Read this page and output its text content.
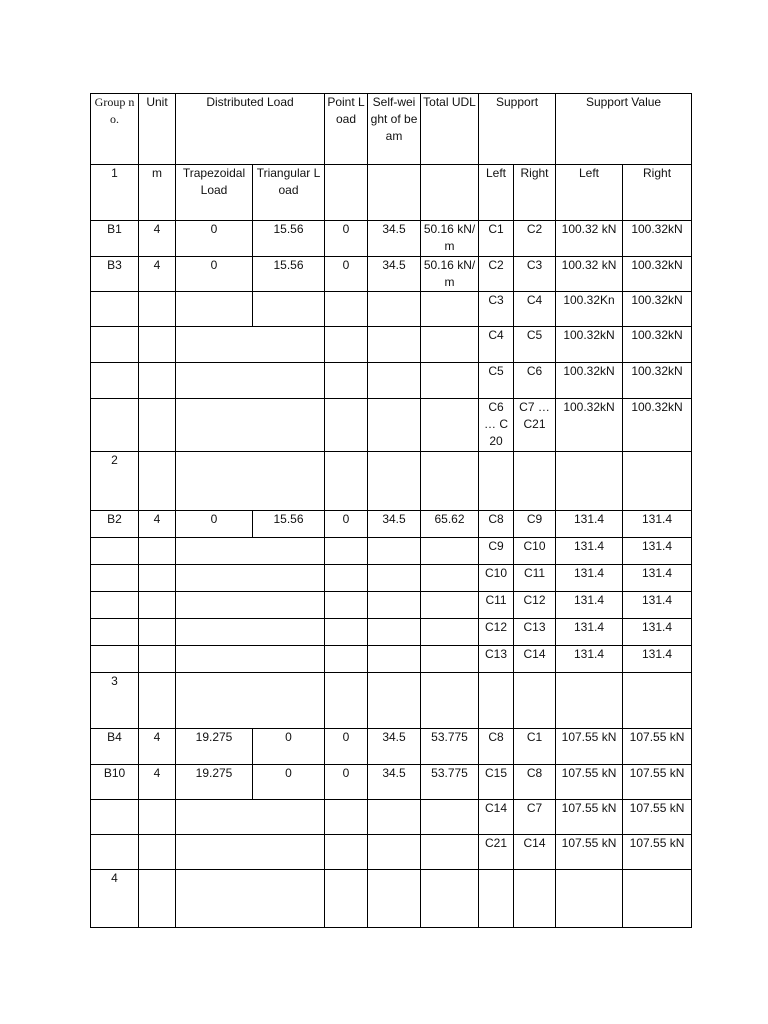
Group no.	Unit	Distributed Load		Point Load	Self-weight of beam	Total UDL	Support		Support Value	
1	m	Trapezoidal Load	Triangular Load				Left	Right	Left	Right
B1	4	0	15.56	0	34.5	50.16 kN/m	C1	C2	100.32 kN	100.32kN
B3	4	0	15.56	0	34.5	50.16 kN/m	C2	C3	100.32 kN	100.32kN
							C3	C4	100.32Kn	100.32kN
							C4	C5	100.32kN	100.32kN
							C5	C6	100.32kN	100.32kN
							C6 … C20	C7 … C21	100.32kN	100.32kN
2										
B2	4	0	15.56	0	34.5	65.62	C8	C9	131.4	131.4
							C9	C10	131.4	131.4
							C10	C11	131.4	131.4
							C11	C12	131.4	131.4
							C12	C13	131.4	131.4
							C13	C14	131.4	131.4
3										
B4	4	19.275	0	0	34.5	53.775	C8	C1	107.55 kN	107.55 kN
B10	4	19.275	0	0	34.5	53.775	C15	C8	107.55 kN	107.55 kN
							C14	C7	107.55 kN	107.55 kN
							C21	C14	107.55 kN	107.55 kN
4										
